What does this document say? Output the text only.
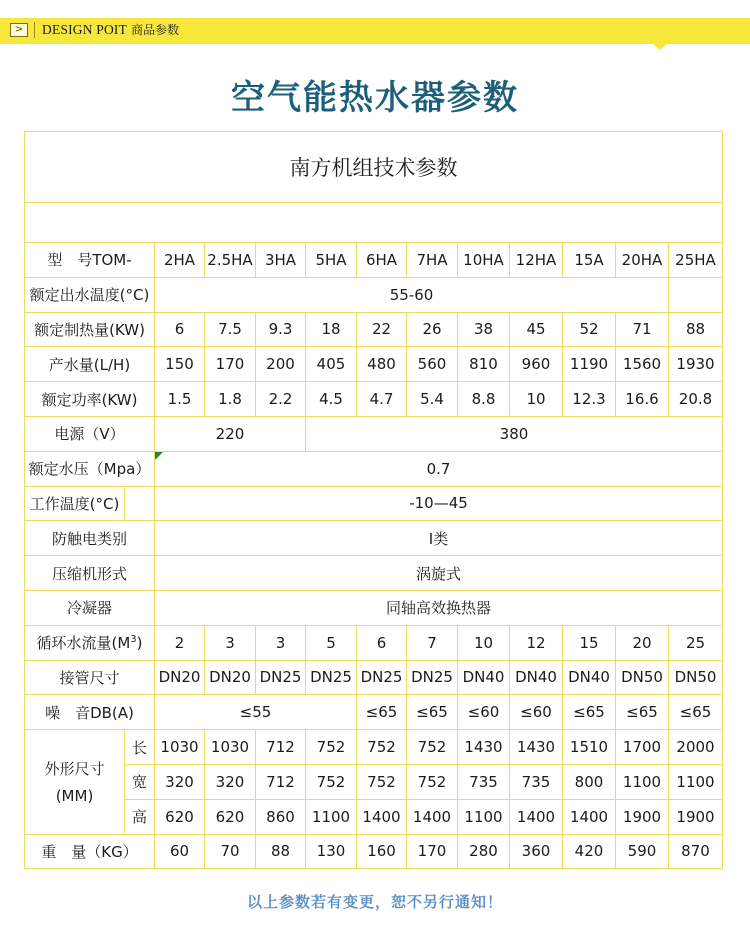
>	DESIGN POIT 商品参数
空气能热水器参数
南方机组技术参数												

型　号TOM-		2HA	2.5HA	3HA	5HA	6HA	7HA	10HA	12HA	15A	20HA	25HA
额定出水温度(°C)		55-60										
额定制热量(KW)		6	7.5	9.3	18	22	26	38	45	52	71	88
产水量(L/H)		150	170	200	405	480	560	810	960	1190	1560	1930
额定功率(KW)		1.5	1.8	2.2	4.5	4.7	5.4	8.8	10	12.3	16.6	20.8
电源（V）		220			380							
额定水压（Mpa）		0.7										
工作温度(°C)		-10—45										
防触电类别		I类										
压缩机形式		涡旋式										
冷凝器		同轴高效换热器										
循环水流量$(M^3)$		2	3	3	5	6	7	10	12	15	20	25
接管尺寸		DN20	DN20	DN25	DN25	DN25	DN25	DN40	DN40	DN40	DN50	DN50
噪　音DB(A)		≤55				≤65	≤65	≤60	≤60	≤65	≤65	≤65

外形尺寸
(MM)	长	1030	1030	712	752	752	752	1430	1430	1510	1700	2000
	宽	320	320	712	752	752	752	735	735	800	1100	1100
	高	620	620	860	1100	1400	1400	1100	1400	1400	1900	1900
重　量（KG）		60	70	88	130	160	170	280	360	420	590	870
以上参数若有变更，恕不另行通知！
